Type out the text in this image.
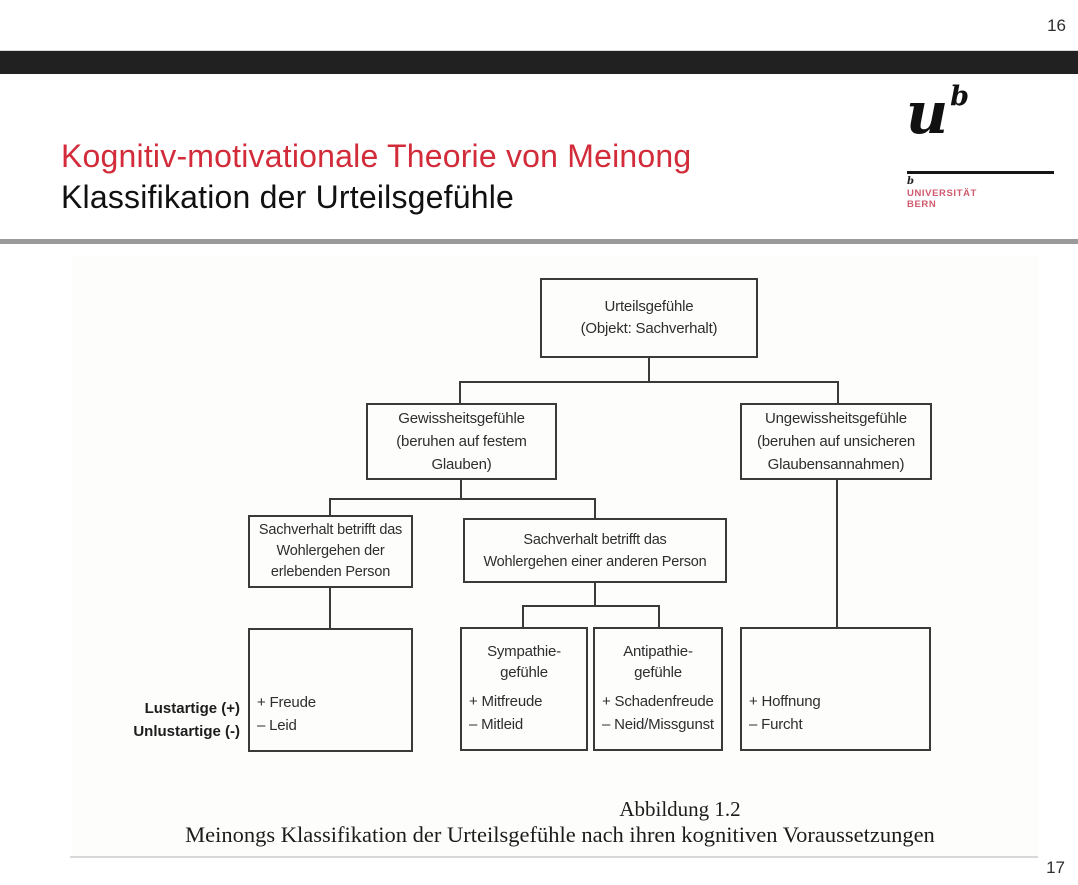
16
Kognitiv-motivationale Theorie von Meinong
Klassifikation der Urteilsgefühle
ub
b
UNIVERSITÄT
BERN
Urteilsgefühle
(Objekt: Sachverhalt)
Gewissheitsgefühle
(beruhen auf festem
Glauben)
Ungewissheitsgefühle
(beruhen auf unsicheren
Glaubensannahmen)
Sachverhalt betrifft das
Wohlergehen der
erlebenden Person
Sachverhalt betrifft das
Wohlergehen einer anderen Person
+ Freude
– Leid
Sympathie-
gefühle
+ Mitfreude
– Mitleid
Antipathie-
gefühle
+ Schadenfreude
– Neid/Missgunst
+ Hoffnung
– Furcht
Lustartige (+)
Unlustartige (-)
Abbildung 1.2
Meinongs Klassifikation der Urteilsgefühle nach ihren kognitiven Voraussetzungen
17
